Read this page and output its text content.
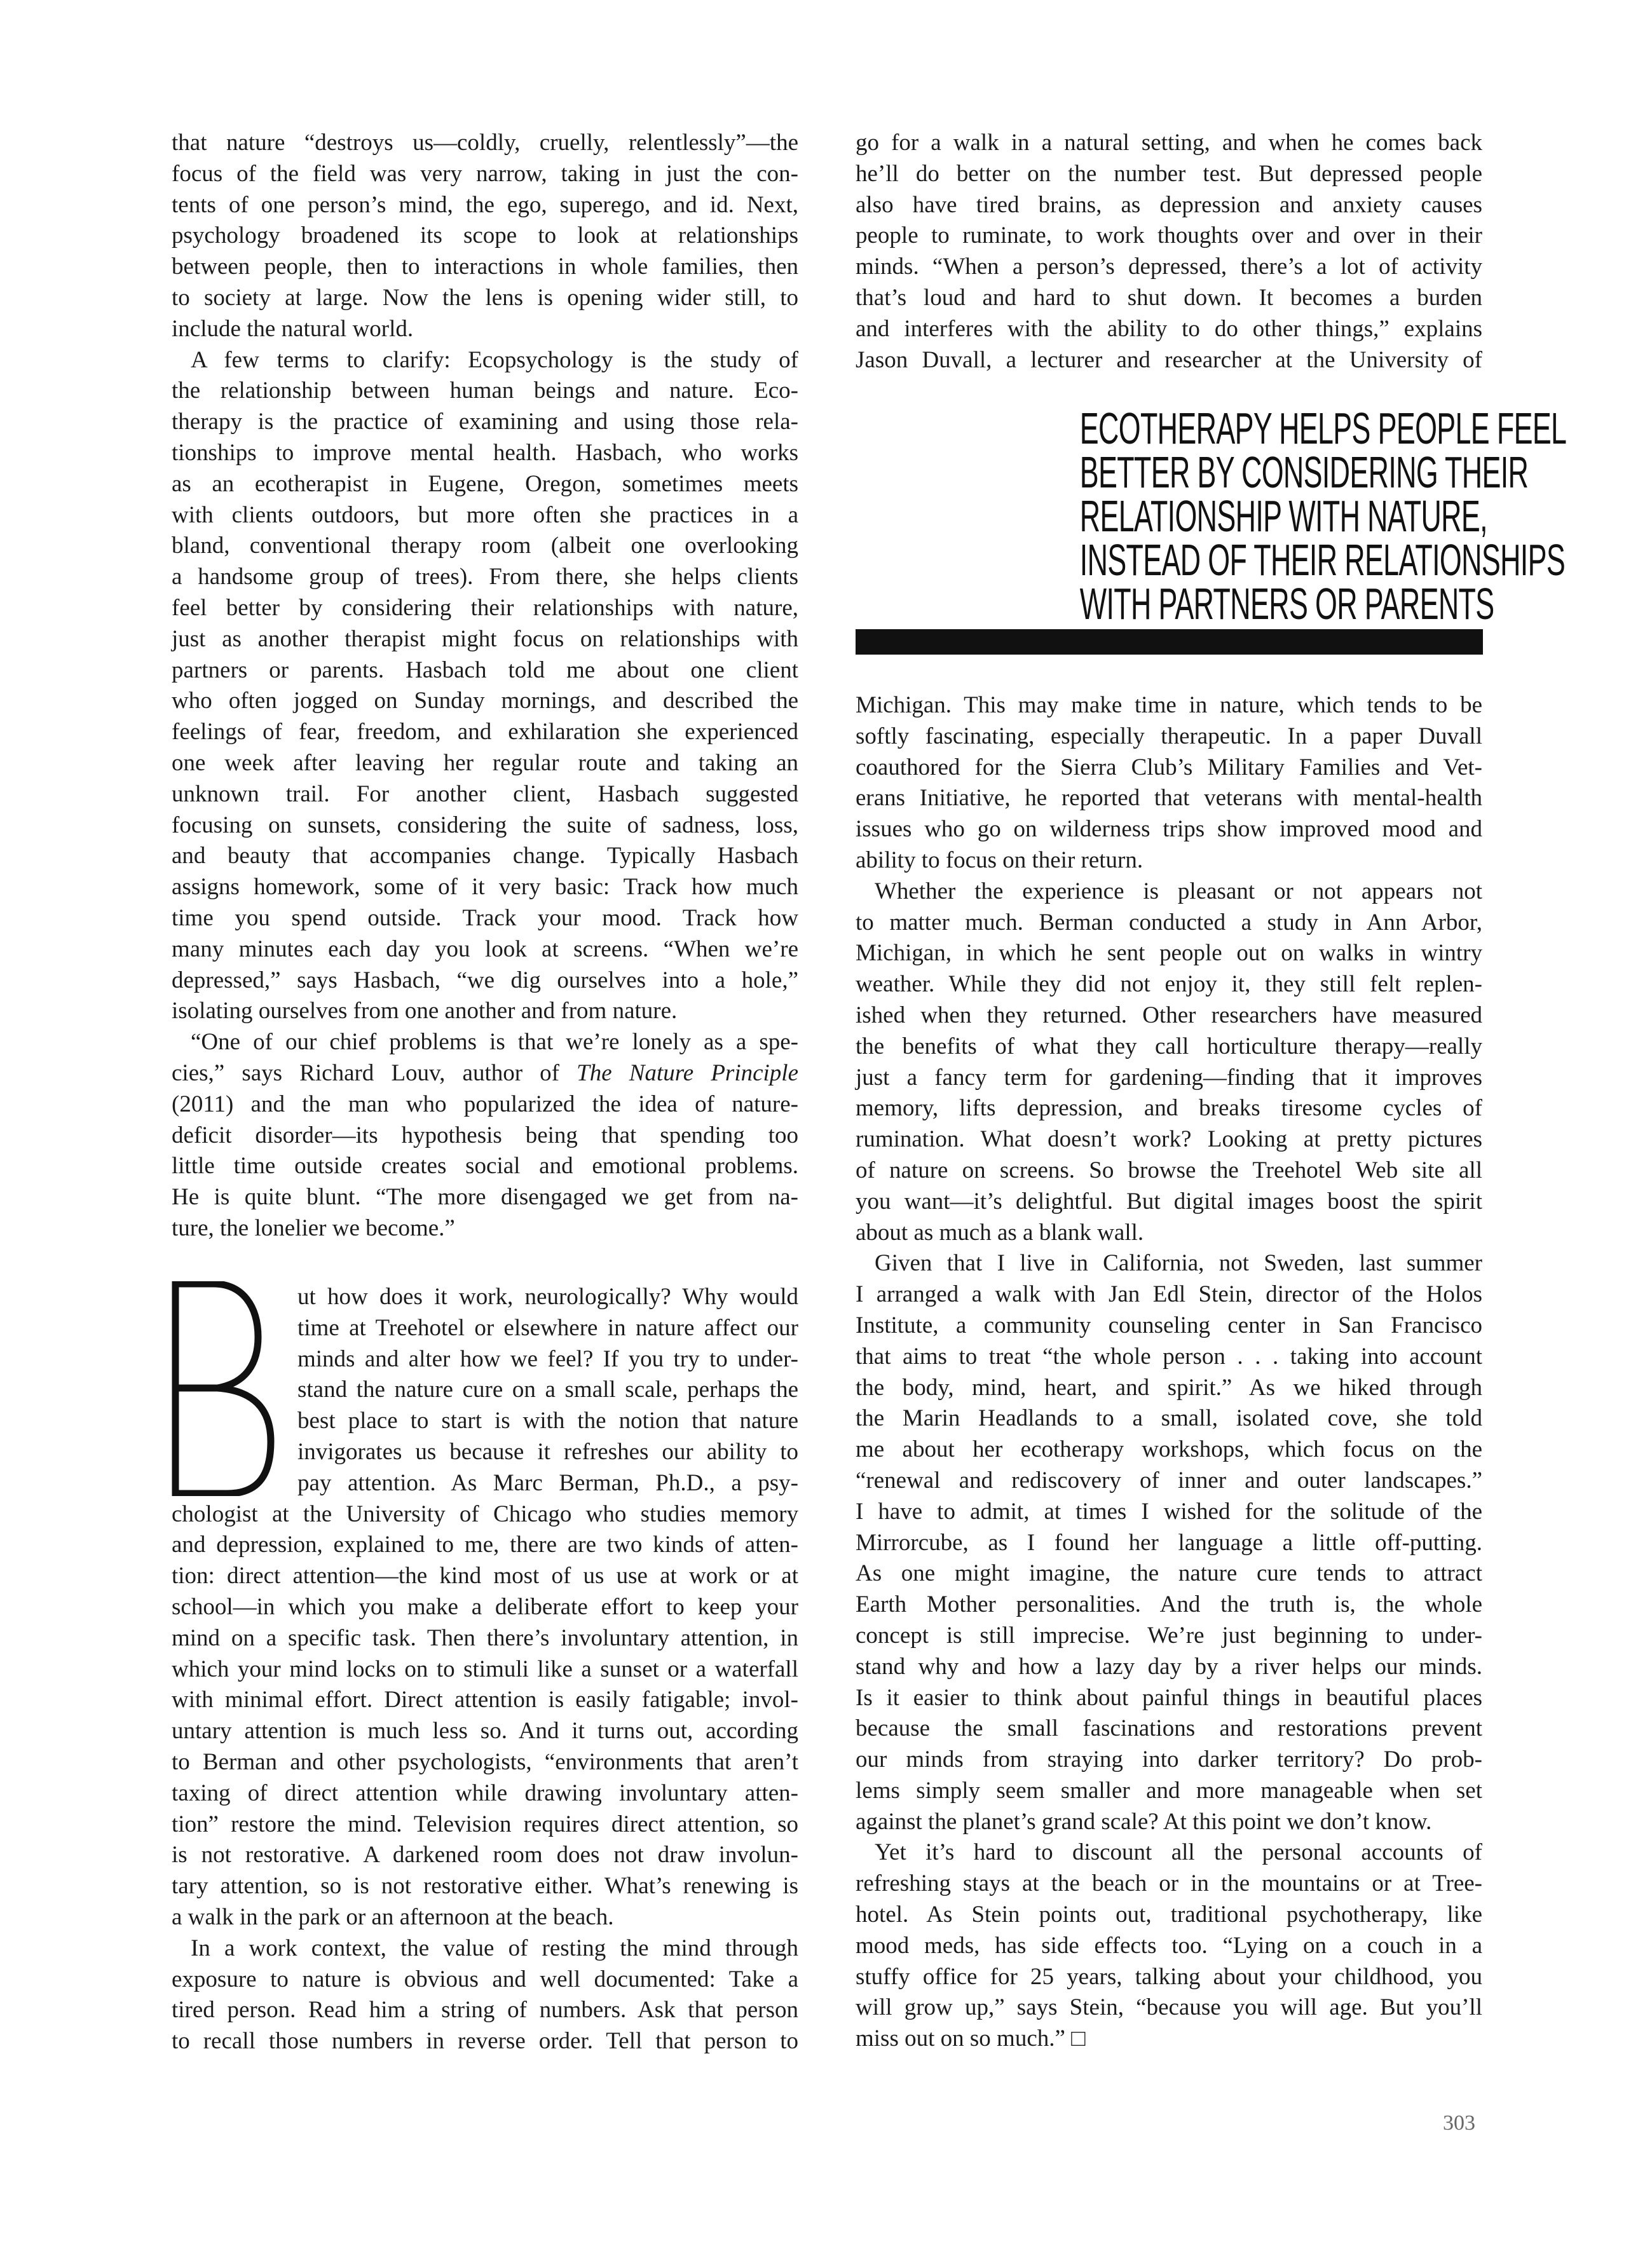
that nature “destroys us—coldly, cruelly, relentlessly”—the
focus of the field was very narrow, taking in just the con-
tents of one person’s mind, the ego, superego, and id. Next,
psychology broadened its scope to look at relationships
between people, then to interactions in whole families, then
to society at large. Now the lens is opening wider still, to
include the natural world.
A few terms to clarify: Ecopsychology is the study of
the relationship between human beings and nature. Eco-
therapy is the practice of examining and using those rela-
tionships to improve mental health. Hasbach, who works
as an ecotherapist in Eugene, Oregon, sometimes meets
with clients outdoors, but more often she practices in a
bland, conventional therapy room (albeit one overlooking
a handsome group of trees). From there, she helps clients
feel better by considering their relationships with nature,
just as another therapist might focus on relationships with
partners or parents. Hasbach told me about one client
who often jogged on Sunday mornings, and described the
feelings of fear, freedom, and exhilaration she experienced
one week after leaving her regular route and taking an
unknown trail. For another client, Hasbach suggested
focusing on sunsets, considering the suite of sadness, loss,
and beauty that accompanies change. Typically Hasbach
assigns homework, some of it very basic: Track how much
time you spend outside. Track your mood. Track how
many minutes each day you look at screens. “When we’re
depressed,” says Hasbach, “we dig ourselves into a hole,”
isolating ourselves from one another and from nature.
“One of our chief problems is that we’re lonely as a spe-
cies,” says Richard Louv, author of The Nature Principle
(2011) and the man who popularized the idea of nature-
deficit disorder—its hypothesis being that spending too
little time outside creates social and emotional problems.
He is quite blunt. “The more disengaged we get from na-
ture, the lonelier we become.”
ut how does it work, neurologically? Why would
time at Treehotel or elsewhere in nature affect our
minds and alter how we feel? If you try to under-
stand the nature cure on a small scale, perhaps the
best place to start is with the notion that nature
invigorates us because it refreshes our ability to
pay attention. As Marc Berman, Ph.D., a psy-
chologist at the University of Chicago who studies memory
and depression, explained to me, there are two kinds of atten-
tion: direct attention—the kind most of us use at work or at
school—in which you make a deliberate effort to keep your
mind on a specific task. Then there’s involuntary attention, in
which your mind locks on to stimuli like a sunset or a waterfall
with minimal effort. Direct attention is easily fatigable; invol-
untary attention is much less so. And it turns out, according
to Berman and other psychologists, “environments that aren’t
taxing of direct attention while drawing involuntary atten-
tion” restore the mind. Television requires direct attention, so
is not restorative. A darkened room does not draw involun-
tary attention, so is not restorative either. What’s renewing is
a walk in the park or an afternoon at the beach.
In a work context, the value of resting the mind through
exposure to nature is obvious and well documented: Take a
tired person. Read him a string of numbers. Ask that person
to recall those numbers in reverse order. Tell that person to
go for a walk in a natural setting, and when he comes back
he’ll do better on the number test. But depressed people
also have tired brains, as depression and anxiety causes
people to ruminate, to work thoughts over and over in their
minds. “When a person’s depressed, there’s a lot of activity
that’s loud and hard to shut down. It becomes a burden
and interferes with the ability to do other things,” explains
Jason Duvall, a lecturer and researcher at the University of
Michigan. This may make time in nature, which tends to be
softly fascinating, especially therapeutic. In a paper Duvall
coauthored for the Sierra Club’s Military Families and Vet-
erans Initiative, he reported that veterans with mental-health
issues who go on wilderness trips show improved mood and
ability to focus on their return.
Whether the experience is pleasant or not appears not
to matter much. Berman conducted a study in Ann Arbor,
Michigan, in which he sent people out on walks in wintry
weather. While they did not enjoy it, they still felt replen-
ished when they returned. Other researchers have measured
the benefits of what they call horticulture therapy—really
just a fancy term for gardening—finding that it improves
memory, lifts depression, and breaks tiresome cycles of
rumination. What doesn’t work? Looking at pretty pictures
of nature on screens. So browse the Treehotel Web site all
you want—it’s delightful. But digital images boost the spirit
about as much as a blank wall.
Given that I live in California, not Sweden, last summer
I arranged a walk with Jan Edl Stein, director of the Holos
Institute, a community counseling center in San Francisco
that aims to treat “the whole person . . . taking into account
the body, mind, heart, and spirit.” As we hiked through
the Marin Headlands to a small, isolated cove, she told
me about her ecotherapy workshops, which focus on the
“renewal and rediscovery of inner and outer landscapes.”
I have to admit, at times I wished for the solitude of the
Mirrorcube, as I found her language a little off-putting.
As one might imagine, the nature cure tends to attract
Earth Mother personalities. And the truth is, the whole
concept is still imprecise. We’re just beginning to under-
stand why and how a lazy day by a river helps our minds.
Is it easier to think about painful things in beautiful places
because the small fascinations and restorations prevent
our minds from straying into darker territory? Do prob-
lems simply seem smaller and more manageable when set
against the planet’s grand scale? At this point we don’t know.
Yet it’s hard to discount all the personal accounts of
refreshing stays at the beach or in the mountains or at Tree-
hotel. As Stein points out, traditional psychotherapy, like
mood meds, has side effects too. “Lying on a couch in a
stuffy office for 25 years, talking about your childhood, you
will grow up,” says Stein, “because you will age. But you’ll
miss out on so much.” □
ECOTHERAPY HELPS PEOPLE FEEL
BETTER BY CONSIDERING THEIR
RELATIONSHIP WITH NATURE,
INSTEAD OF THEIR RELATIONSHIPS
WITH PARTNERS OR PARENTS
303
